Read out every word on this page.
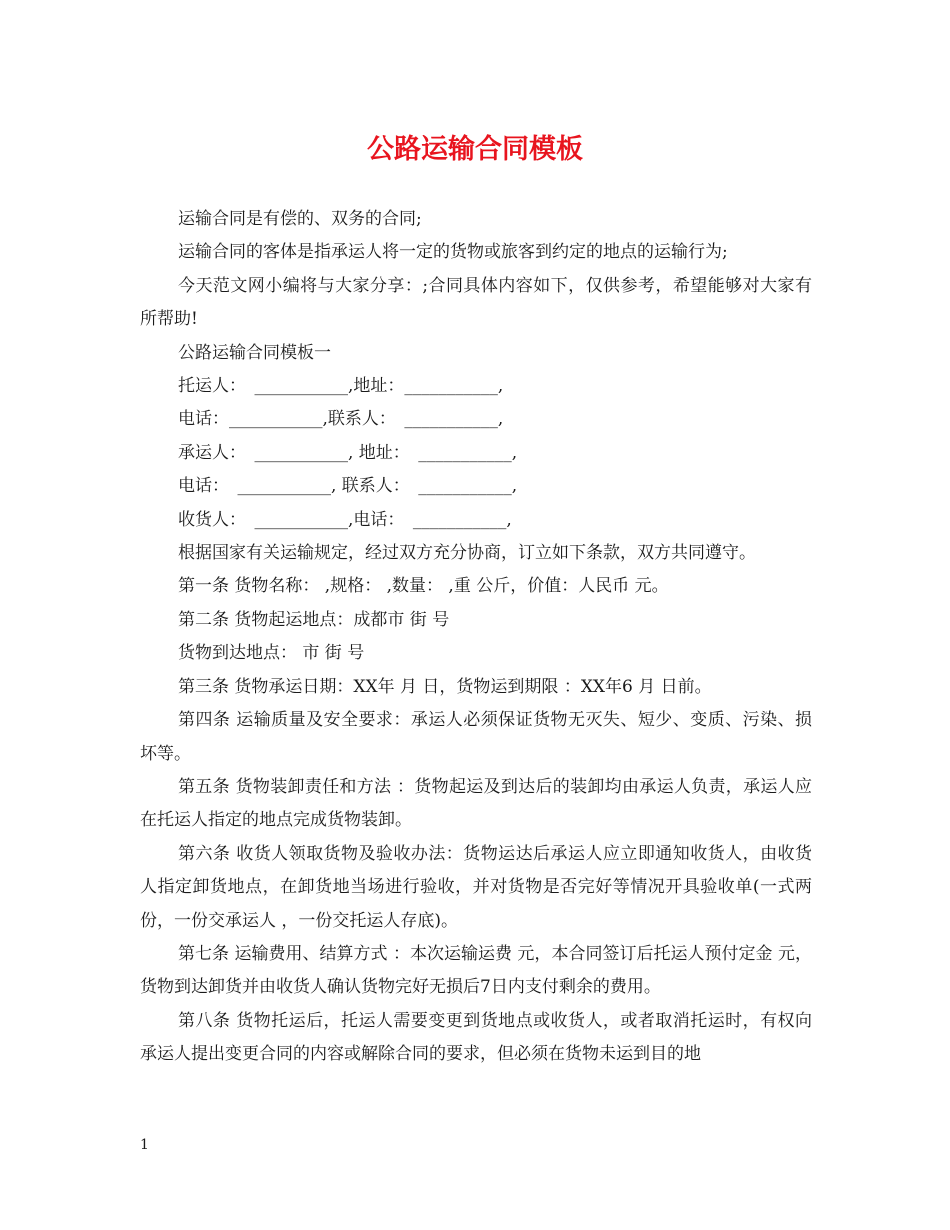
公路运输合同模板

运输合同是有偿的、双务的合同;

运输合同的客体是指承运人将一定的货物或旅客到约定的地点的运输行为;

今天范文网小编将与大家分享：;合同具体内容如下，仅供参考，希望能够对大家有所帮助!

公路运输合同模板一

托运人：　___________,地址：___________,

电话：___________,联系人：　___________,

承运人：　___________, 地址：　___________,

电话：　___________, 联系人：　___________,

收货人：　___________,电话：　___________,

根据国家有关运输规定，经过双方充分协商，订立如下条款，双方共同遵守。

第一条 货物名称： ,规格： ,数量： ,重 公斤，价值：人民币 元。

第二条 货物起运地点：成都市 街 号

货物到达地点： 市 街 号

第三条 货物承运日期：XX年 月 日，货物运到期限 ：XX年6 月 日前。

第四条 运输质量及安全要求：承运人必须保证货物无灭失、短少、变质、污染、损坏等。

第五条 货物装卸责任和方法 ：货物起运及到达后的装卸均由承运人负责，承运人应在托运人指定的地点完成货物装卸。

第六条 收货人领取货物及验收办法：货物运达后承运人应立即通知收货人，由收货人指定卸货地点，在卸货地当场进行验收，并对货物是否完好等情况开具验收单(一式两份，一份交承运人 ，一份交托运人存底)。

第七条 运输费用、结算方式 ：本次运输运费 元，本合同签订后托运人预付定金 元，货物到达卸货并由收货人确认货物完好无损后7日内支付剩余的费用。

第八条 货物托运后，托运人需要变更到货地点或收货人，或者取消托运时，有权向承运人提出变更合同的内容或解除合同的要求，但必须在货物未运到目的地

1
